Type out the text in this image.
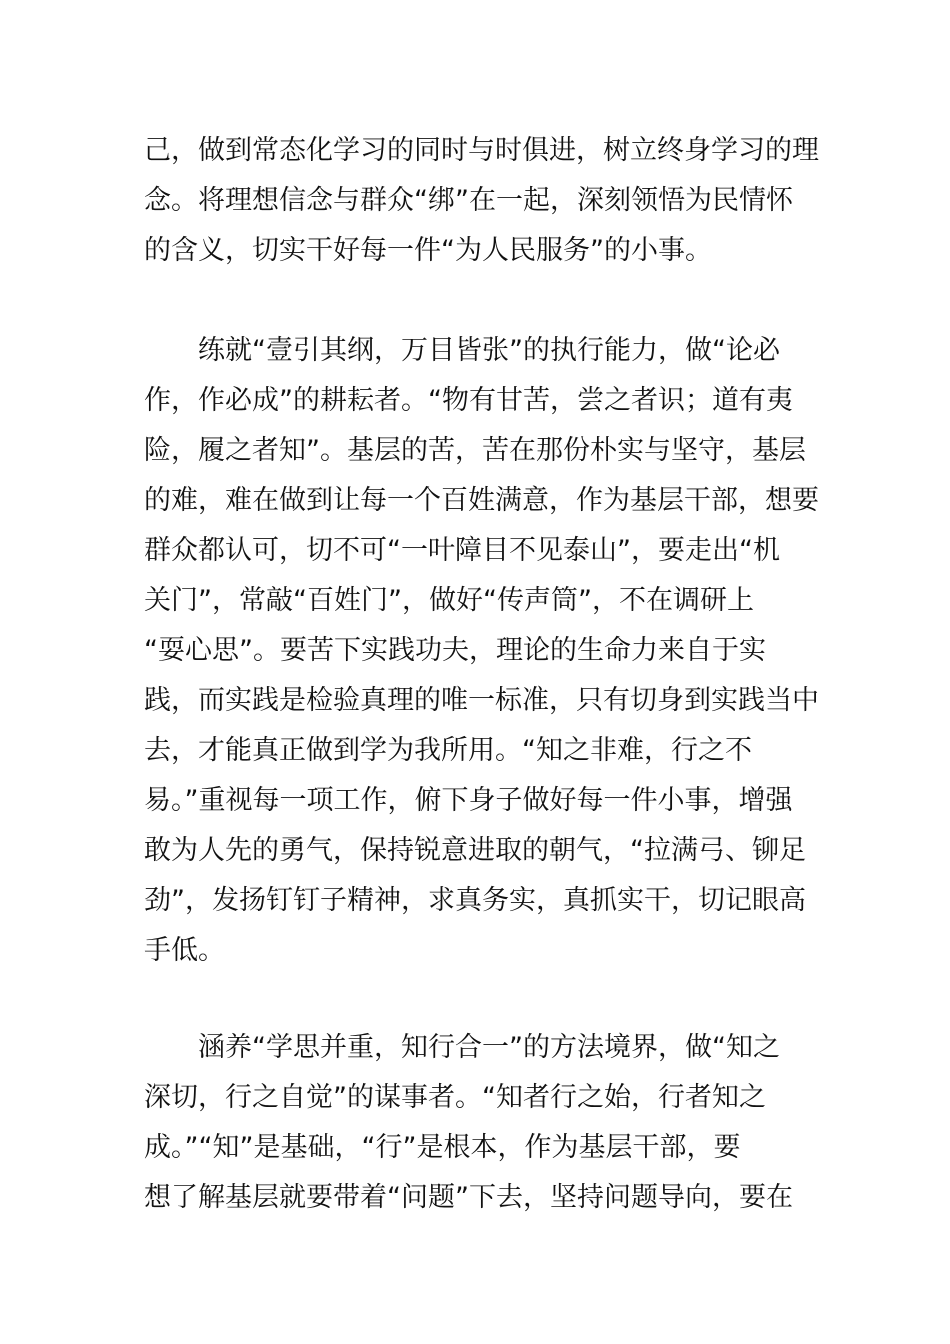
己，做到常态化学习的同时与时俱进，树立终身学习的理
念。将理想信念与群众“绑”在一起，深刻领悟为民情怀
的含义，切实干好每一件“为人民服务”的小事。

练就“壹引其纲，万目皆张”的执行能力，做“论必
作，作必成”的耕耘者。“物有甘苦，尝之者识；道有夷
险，履之者知”。基层的苦，苦在那份朴实与坚守，基层
的难，难在做到让每一个百姓满意，作为基层干部，想要
群众都认可，切不可“一叶障目不见泰山”，要走出“机
关门”，常敲“百姓门”，做好“传声筒”，不在调研上
“耍心思”。要苦下实践功夫，理论的生命力来自于实
践，而实践是检验真理的唯一标准，只有切身到实践当中
去，才能真正做到学为我所用。“知之非难，行之不
易。”重视每一项工作，俯下身子做好每一件小事，增强
敢为人先的勇气，保持锐意进取的朝气，“拉满弓、铆足
劲”，发扬钉钉子精神，求真务实，真抓实干，切记眼高
手低。

涵养“学思并重，知行合一”的方法境界，做“知之
深切，行之自觉”的谋事者。“知者行之始，行者知之
成。”“知”是基础，“行”是根本，作为基层干部，要
想了解基层就要带着“问题”下去，坚持问题导向，要在
